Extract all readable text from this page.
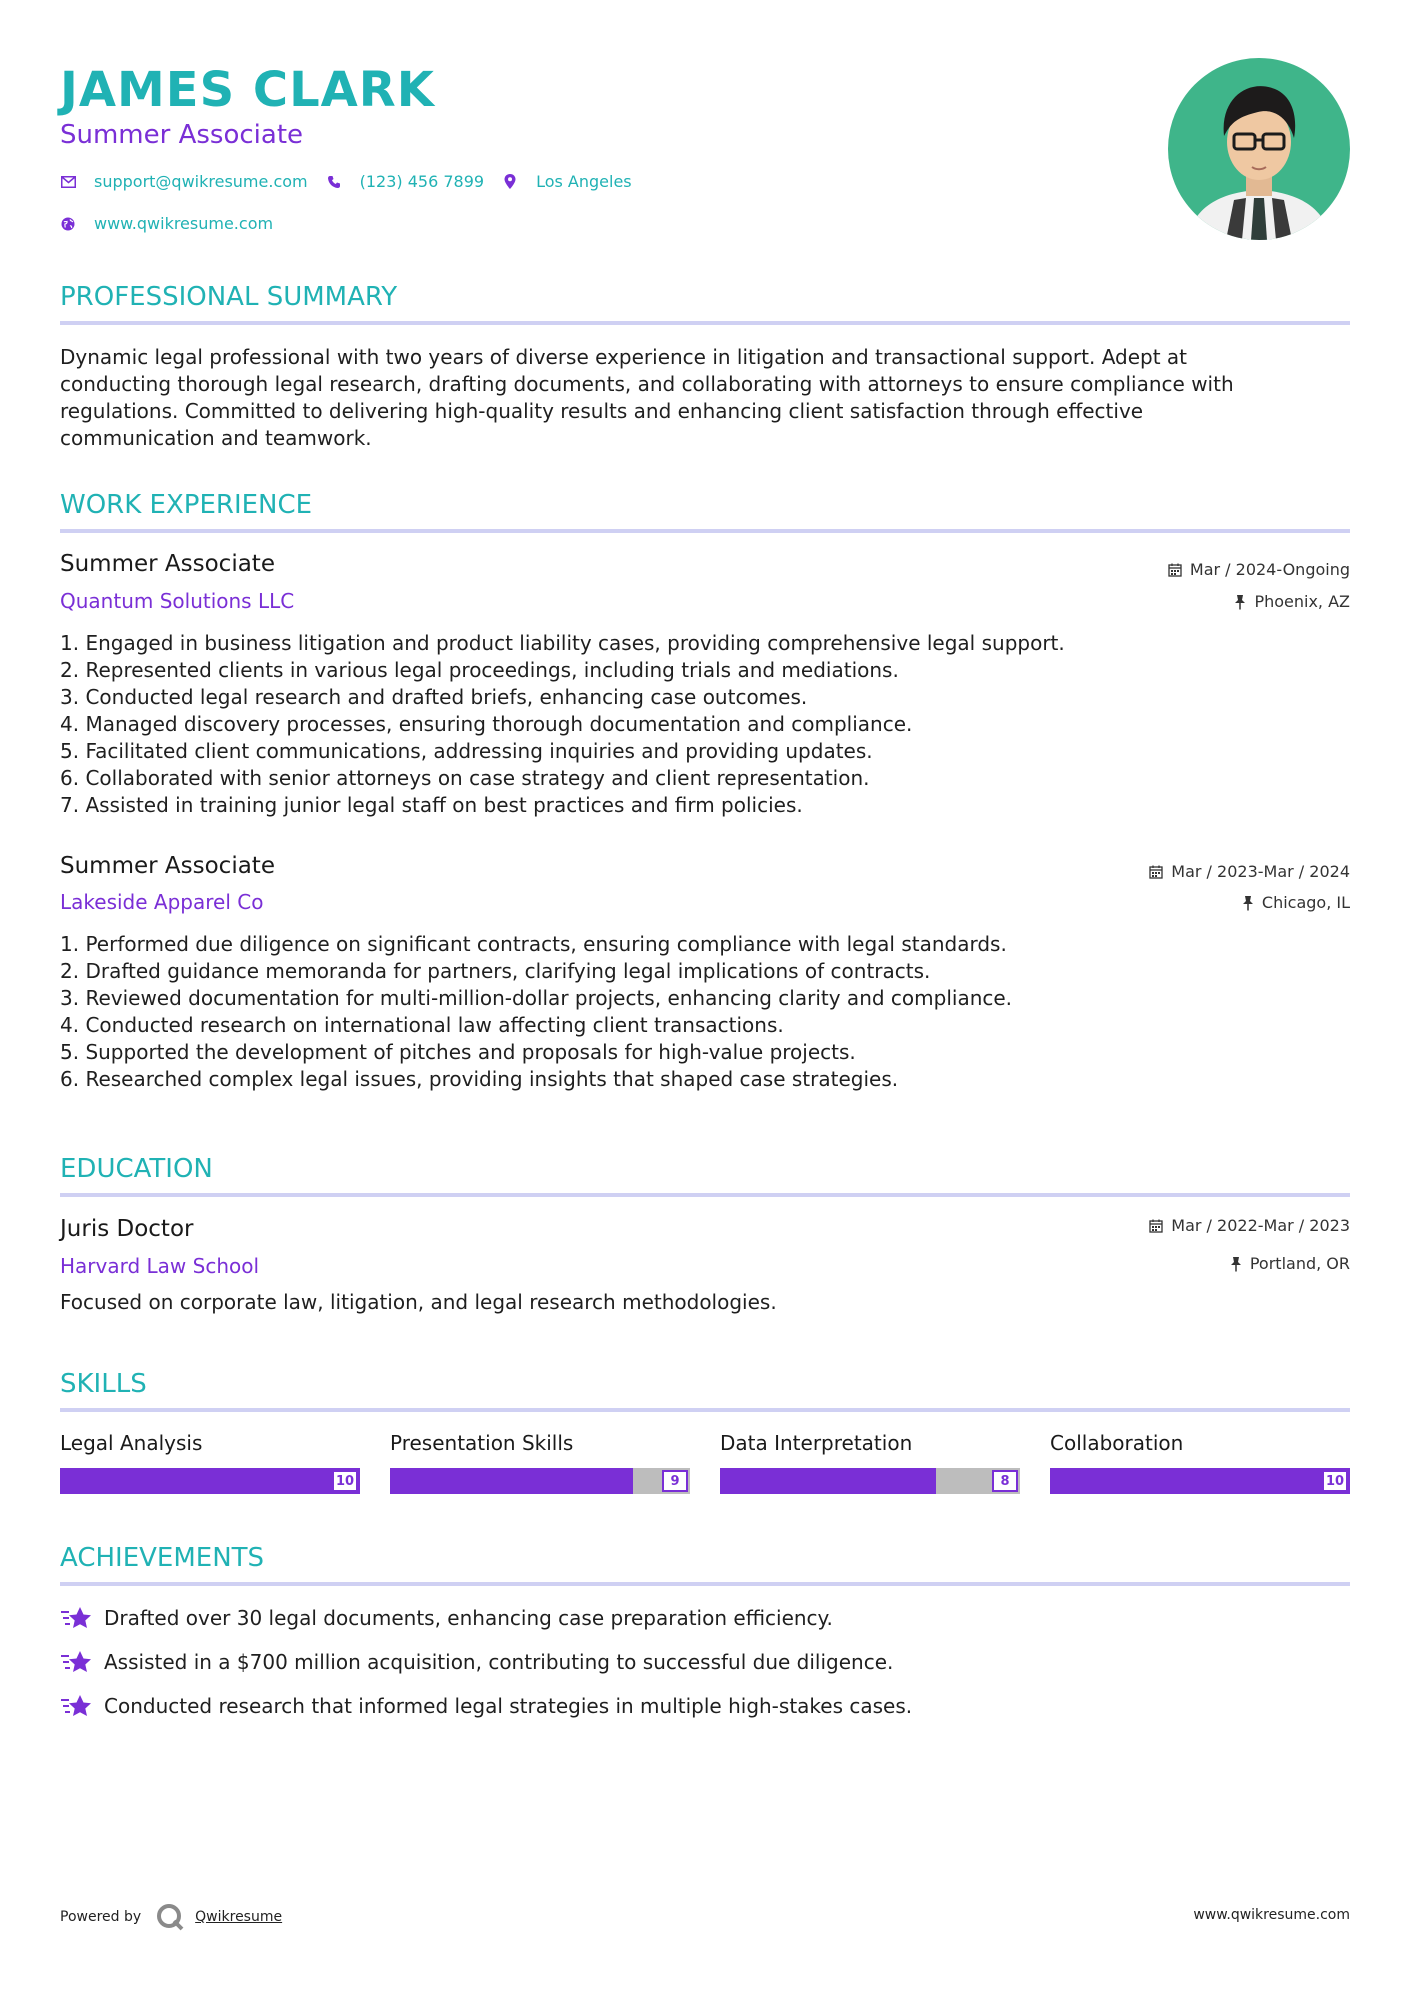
JAMES CLARK
Summer Associate
support@qwikresume.com	(123) 456 7899	Los Angeles
www.qwikresume.com
PROFESSIONAL SUMMARY

Dynamic legal professional with two years of diverse experience in litigation and transactional support. Adept at conducting thorough legal research, drafting documents, and collaborating with attorneys to ensure compliance with regulations. Committed to delivering high-quality results and enhancing client satisfaction through effective communication and teamwork.

WORK EXPERIENCE
Summer Associate
Quantum Solutions LLC
Mar / 2024-Ongoing
Phoenix, AZ
1. Engaged in business litigation and product liability cases, providing comprehensive legal support.
2. Represented clients in various legal proceedings, including trials and mediations.
3. Conducted legal research and drafted briefs, enhancing case outcomes.
4. Managed discovery processes, ensuring thorough documentation and compliance.
5. Facilitated client communications, addressing inquiries and providing updates.
6. Collaborated with senior attorneys on case strategy and client representation.
7. Assisted in training junior legal staff on best practices and firm policies.
Summer Associate
Lakeside Apparel Co
Mar / 2023-Mar / 2024
Chicago, IL
1. Performed due diligence on significant contracts, ensuring compliance with legal standards.
2. Drafted guidance memoranda for partners, clarifying legal implications of contracts.
3. Reviewed documentation for multi-million-dollar projects, enhancing clarity and compliance.
4. Conducted research on international law affecting client transactions.
5. Supported the development of pitches and proposals for high-value projects.
6. Researched complex legal issues, providing insights that shaped case strategies.
EDUCATION
Juris Doctor
Harvard Law School
Mar / 2022-Mar / 2023
Portland, OR

Focused on corporate law, litigation, and legal research methodologies.

SKILLS
Legal Analysis
10
Presentation Skills
9
Data Interpretation
8
Collaboration
10
ACHIEVEMENTS
Drafted over 30 legal documents, enhancing case preparation efficiency.
Assisted in a $700 million acquisition, contributing to successful due diligence.
Conducted research that informed legal strategies in multiple high-stakes cases.
Powered by	Qwikresume	www.qwikresume.com
